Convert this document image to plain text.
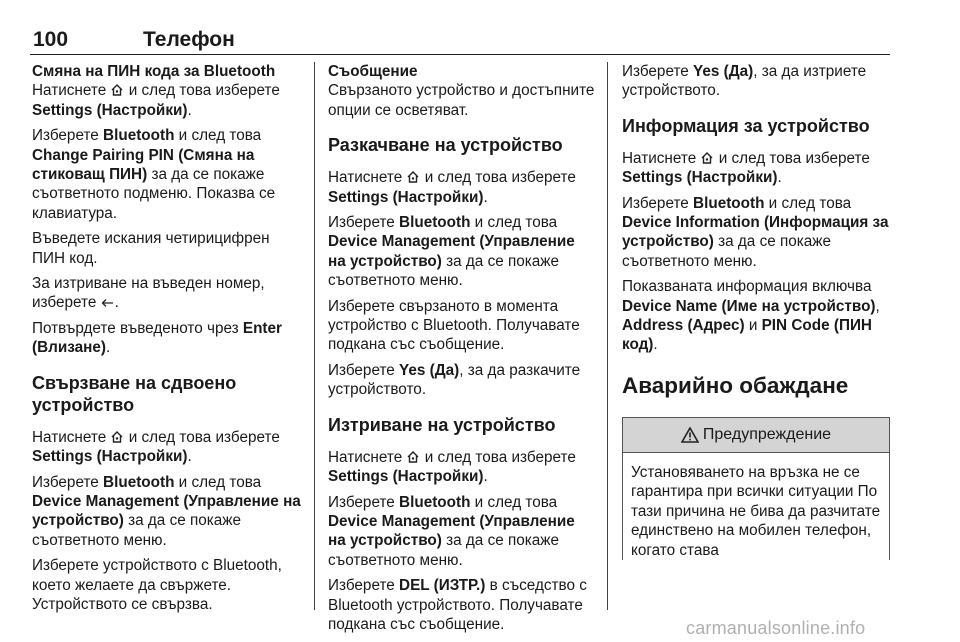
100	Телефон
Смяна на ПИН кода за Bluetooth

Натиснете и след това изберете Settings (Настройки).

Изберете Bluetooth и след това Change Pairing PIN (Смяна на стиковащ ПИН) за да се покаже съответното подменю. Показва се клавиатура.

Въведете искания четирицифрен ПИН код.

За изтриване на въведен номер, изберете .

Потвърдете въведеното чрез Enter (Влизане).

Свързване на сдвоено устройство

Натиснете и след това изберете Settings (Настройки).

Изберете Bluetooth и след това Device Management (Управление на устройство) за да се покаже съответното меню.

Изберете устройството с Bluetooth, което желаете да свържете. Устройството се свързва.

Съобщение

Свързаното устройство и достъпните опции се осветяват.

Разкачване на устройство

Натиснете и след това изберете Settings (Настройки).

Изберете Bluetooth и след това Device Management (Управление на устройство) за да се покаже съответното меню.

Изберете свързаното в момента устройство с Bluetooth. Получавате подкана със съобщение.

Изберете Yes (Да), за да разкачите устройството.

Изтриване на устройство

Натиснете и след това изберете Settings (Настройки).

Изберете Bluetooth и след това Device Management (Управление на устройство) за да се покаже съответното меню.

Изберете DEL (ИЗТР.) в съседство с Bluetooth устройството. Получавате подкана със съобщение.

Изберете Yes (Да), за да изтриете устройството.

Информация за устройство

Натиснете и след това изберете Settings (Настройки).

Изберете Bluetooth и след това Device Information (Информация за устройство) за да се покаже съответното меню.

Показваната информация включва Device Name (Име на устройство), Address (Адрес) и PIN Code (ПИН код).

Аварийно обаждане
Предупреждение
Установяването на връзка не се гарантира при всички ситуации По тази причина не бива да разчитате единствено на мобилен телефон, когато става
carmanualsonline.info
